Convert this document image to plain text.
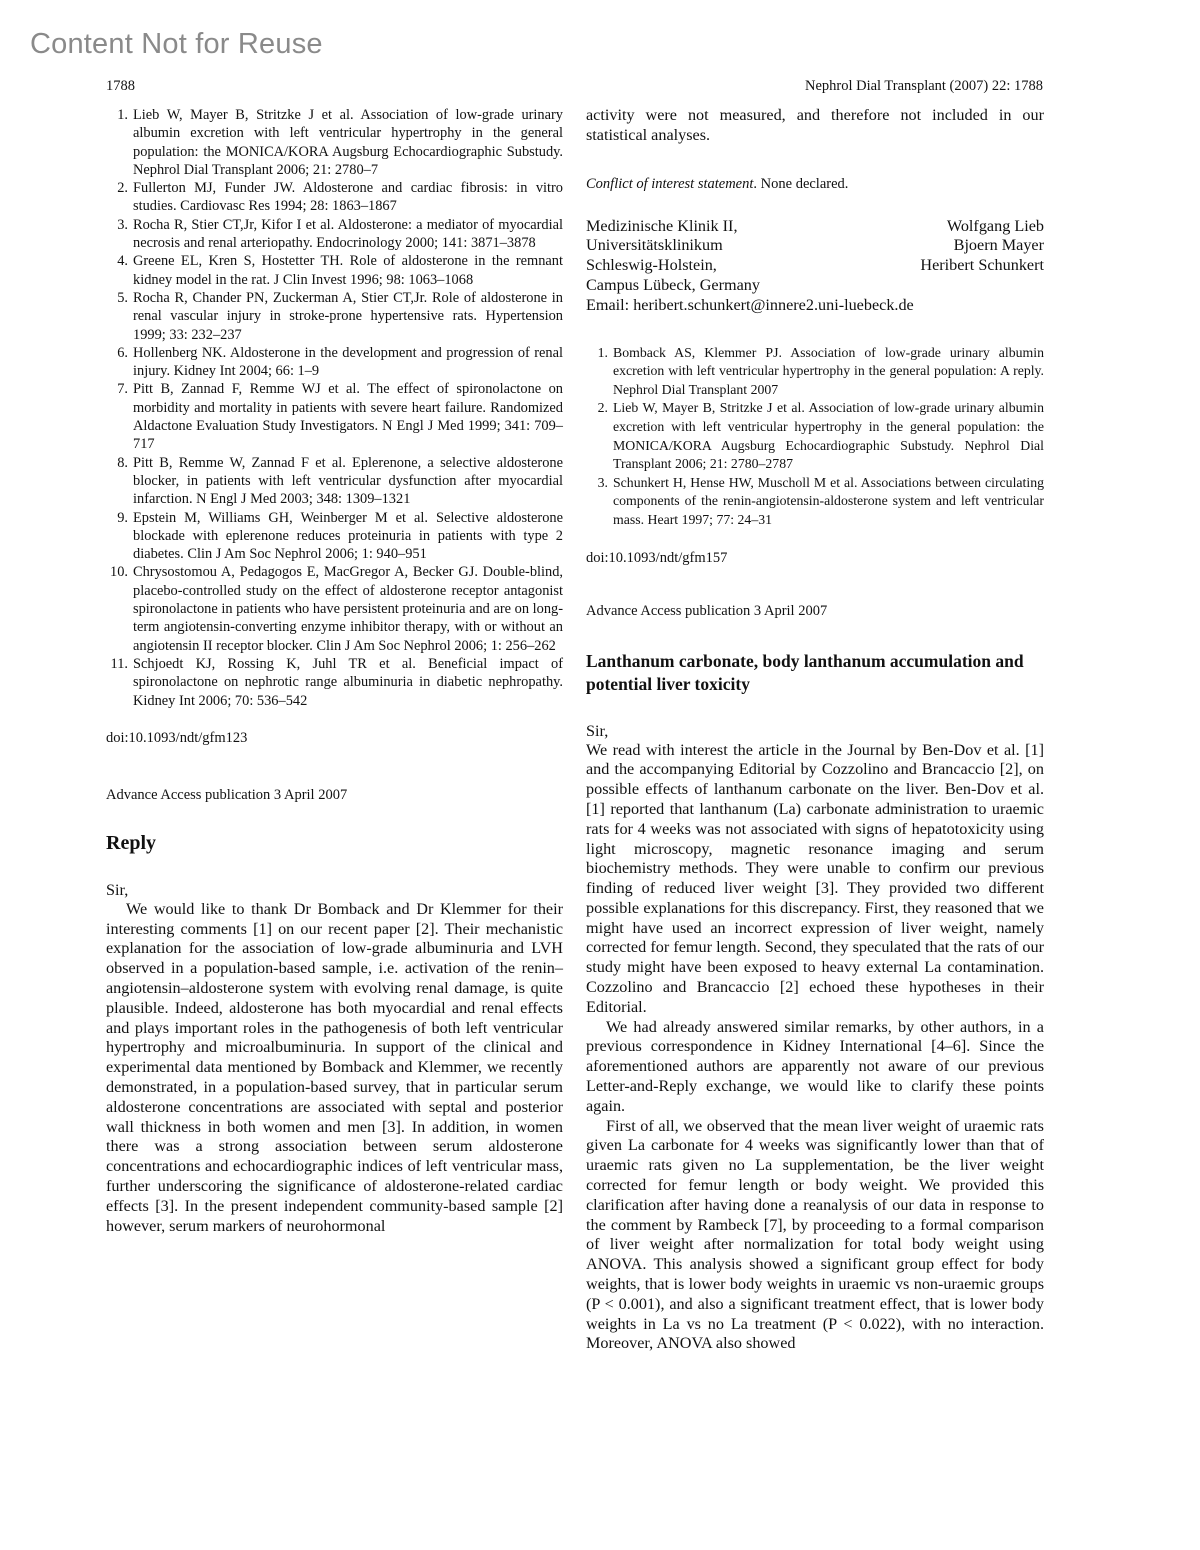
Content Not for Reuse
1788	Nephrol Dial Transplant (2007) 22: 1788
1. Lieb W, Mayer B, Stritzke J et al. Association of low-grade urinary albumin excretion with left ventricular hypertrophy in the general population: the MONICA/KORA Augsburg Echocardiographic Substudy. Nephrol Dial Transplant 2006; 21: 2780–7
2. Fullerton MJ, Funder JW. Aldosterone and cardiac fibrosis: in vitro studies. Cardiovasc Res 1994; 28: 1863–1867
3. Rocha R, Stier CT,Jr, Kifor I et al. Aldosterone: a mediator of myocardial necrosis and renal arteriopathy. Endocrinology 2000; 141: 3871–3878
4. Greene EL, Kren S, Hostetter TH. Role of aldosterone in the remnant kidney model in the rat. J Clin Invest 1996; 98: 1063–1068
5. Rocha R, Chander PN, Zuckerman A, Stier CT,Jr. Role of aldosterone in renal vascular injury in stroke-prone hypertensive rats. Hypertension 1999; 33: 232–237
6. Hollenberg NK. Aldosterone in the development and progression of renal injury. Kidney Int 2004; 66: 1–9
7. Pitt B, Zannad F, Remme WJ et al. The effect of spironolactone on morbidity and mortality in patients with severe heart failure. Randomized Aldactone Evaluation Study Investigators. N Engl J Med 1999; 341: 709–717
8. Pitt B, Remme W, Zannad F et al. Eplerenone, a selective aldosterone blocker, in patients with left ventricular dysfunction after myocardial infarction. N Engl J Med 2003; 348: 1309–1321
9. Epstein M, Williams GH, Weinberger M et al. Selective aldosterone blockade with eplerenone reduces proteinuria in patients with type 2 diabetes. Clin J Am Soc Nephrol 2006; 1: 940–951
10. Chrysostomou A, Pedagogos E, MacGregor A, Becker GJ. Double-blind, placebo-controlled study on the effect of aldosterone receptor antagonist spironolactone in patients who have persistent proteinuria and are on long-term angiotensin-converting enzyme inhibitor therapy, with or without an angiotensin II receptor blocker. Clin J Am Soc Nephrol 2006; 1: 256–262
11. Schjoedt KJ, Rossing K, Juhl TR et al. Beneficial impact of spironolactone on nephrotic range albuminuria in diabetic nephropathy. Kidney Int 2006; 70: 536–542
doi:10.1093/ndt/gfm123
Advance Access publication 3 April 2007
Reply
Sir,

We would like to thank Dr Bomback and Dr Klemmer for their interesting comments [1] on our recent paper [2]. Their mechanistic explanation for the association of low-grade albuminuria and LVH observed in a population-based sample, i.e. activation of the renin–angiotensin–aldosterone system with evolving renal damage, is quite plausible. Indeed, aldosterone has both myocardial and renal effects and plays important roles in the pathogenesis of both left ventricular hypertrophy and microalbuminuria. In support of the clinical and experimental data mentioned by Bomback and Klemmer, we recently demonstrated, in a population-based survey, that in particular serum aldosterone concentrations are associated with septal and posterior wall thickness in both women and men [3]. In addition, in women there was a strong association between serum aldosterone concentrations and echocardiographic indices of left ventricular mass, further underscoring the significance of aldosterone-related cardiac effects [3]. In the present independent community-based sample [2] however, serum markers of neurohormonal

activity were not measured, and therefore not included in our statistical analyses.

Conflict of interest statement. None declared.

Medizinische Klinik II,	Wolfgang Lieb
Universitätsklinikum	Bjoern Mayer
Schleswig-Holstein,	Heribert Schunkert
Campus Lübeck, Germany
Email: heribert.schunkert@innere2.uni-luebeck.de
1. Bomback AS, Klemmer PJ. Association of low-grade urinary albumin excretion with left ventricular hypertrophy in the general population: A reply. Nephrol Dial Transplant 2007
2. Lieb W, Mayer B, Stritzke J et al. Association of low-grade urinary albumin excretion with left ventricular hypertrophy in the general population: the MONICA/KORA Augsburg Echocardiographic Substudy. Nephrol Dial Transplant 2006; 21: 2780–2787
3. Schunkert H, Hense HW, Muscholl M et al. Associations between circulating components of the renin-angiotensin-aldosterone system and left ventricular mass. Heart 1997; 77: 24–31
doi:10.1093/ndt/gfm157
Advance Access publication 3 April 2007
Lanthanum carbonate, body lanthanum accumulation and potential liver toxicity
Sir,

We read with interest the article in the Journal by Ben-Dov et al. [1] and the accompanying Editorial by Cozzolino and Brancaccio [2], on possible effects of lanthanum carbonate on the liver. Ben-Dov et al. [1] reported that lanthanum (La) carbonate administration to uraemic rats for 4 weeks was not associated with signs of hepatotoxicity using light microscopy, magnetic resonance imaging and serum biochemistry methods. They were unable to confirm our previous finding of reduced liver weight [3]. They provided two different possible explanations for this discrepancy. First, they reasoned that we might have used an incorrect expression of liver weight, namely corrected for femur length. Second, they speculated that the rats of our study might have been exposed to heavy external La contamination. Cozzolino and Brancaccio [2] echoed these hypotheses in their Editorial.

We had already answered similar remarks, by other authors, in a previous correspondence in Kidney International [4–6]. Since the aforementioned authors are apparently not aware of our previous Letter-and-Reply exchange, we would like to clarify these points again.

First of all, we observed that the mean liver weight of uraemic rats given La carbonate for 4 weeks was significantly lower than that of uraemic rats given no La supplementation, be the liver weight corrected for femur length or body weight. We provided this clarification after having done a reanalysis of our data in response to the comment by Rambeck [7], by proceeding to a formal comparison of liver weight after normalization for total body weight using ANOVA. This analysis showed a significant group effect for body weights, that is lower body weights in uraemic vs non-uraemic groups (P < 0.001), and also a significant treatment effect, that is lower body weights in La vs no La treatment (P < 0.022), with no interaction. Moreover, ANOVA also showed
